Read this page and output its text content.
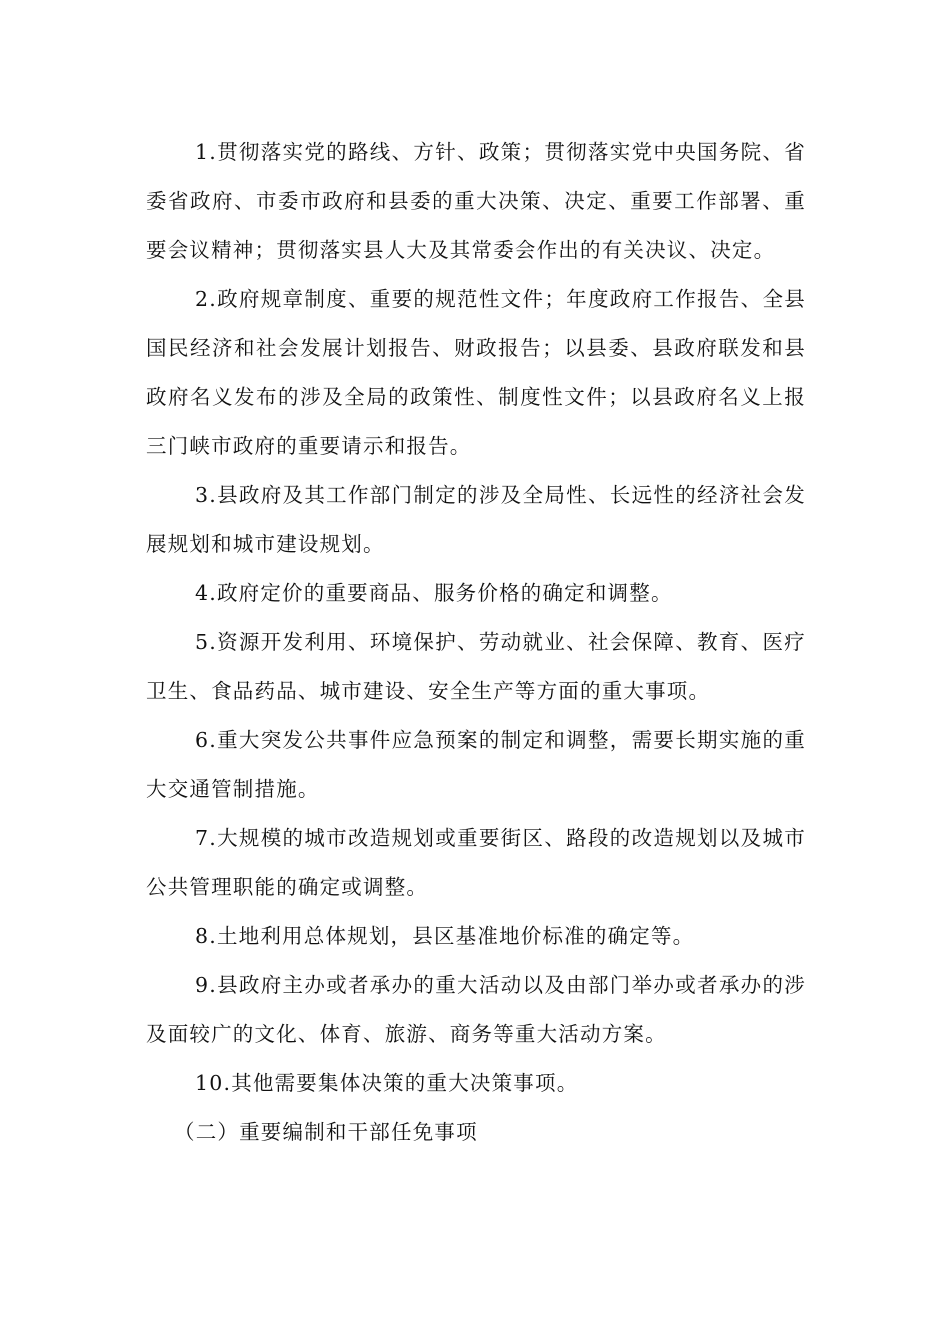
1.贯彻落实党的路线、方针、政策；贯彻落实党中央国务院、省委省政府、市委市政府和县委的重大决策、决定、重要工作部署、重要会议精神；贯彻落实县人大及其常委会作出的有关决议、决定。

2.政府规章制度、重要的规范性文件；年度政府工作报告、全县国民经济和社会发展计划报告、财政报告；以县委、县政府联发和县政府名义发布的涉及全局的政策性、制度性文件；以县政府名义上报三门峡市政府的重要请示和报告。

3.县政府及其工作部门制定的涉及全局性、长远性的经济社会发展规划和城市建设规划。

4.政府定价的重要商品、服务价格的确定和调整。

5.资源开发利用、环境保护、劳动就业、社会保障、教育、医疗卫生、食品药品、城市建设、安全生产等方面的重大事项。

6.重大突发公共事件应急预案的制定和调整，需要长期实施的重大交通管制措施。

7.大规模的城市改造规划或重要街区、路段的改造规划以及城市公共管理职能的确定或调整。

8.土地利用总体规划，县区基准地价标准的确定等。

9.县政府主办或者承办的重大活动以及由部门举办或者承办的涉及面较广的文化、体育、旅游、商务等重大活动方案。

10.其他需要集体决策的重大决策事项。

（二）重要编制和干部任免事项
